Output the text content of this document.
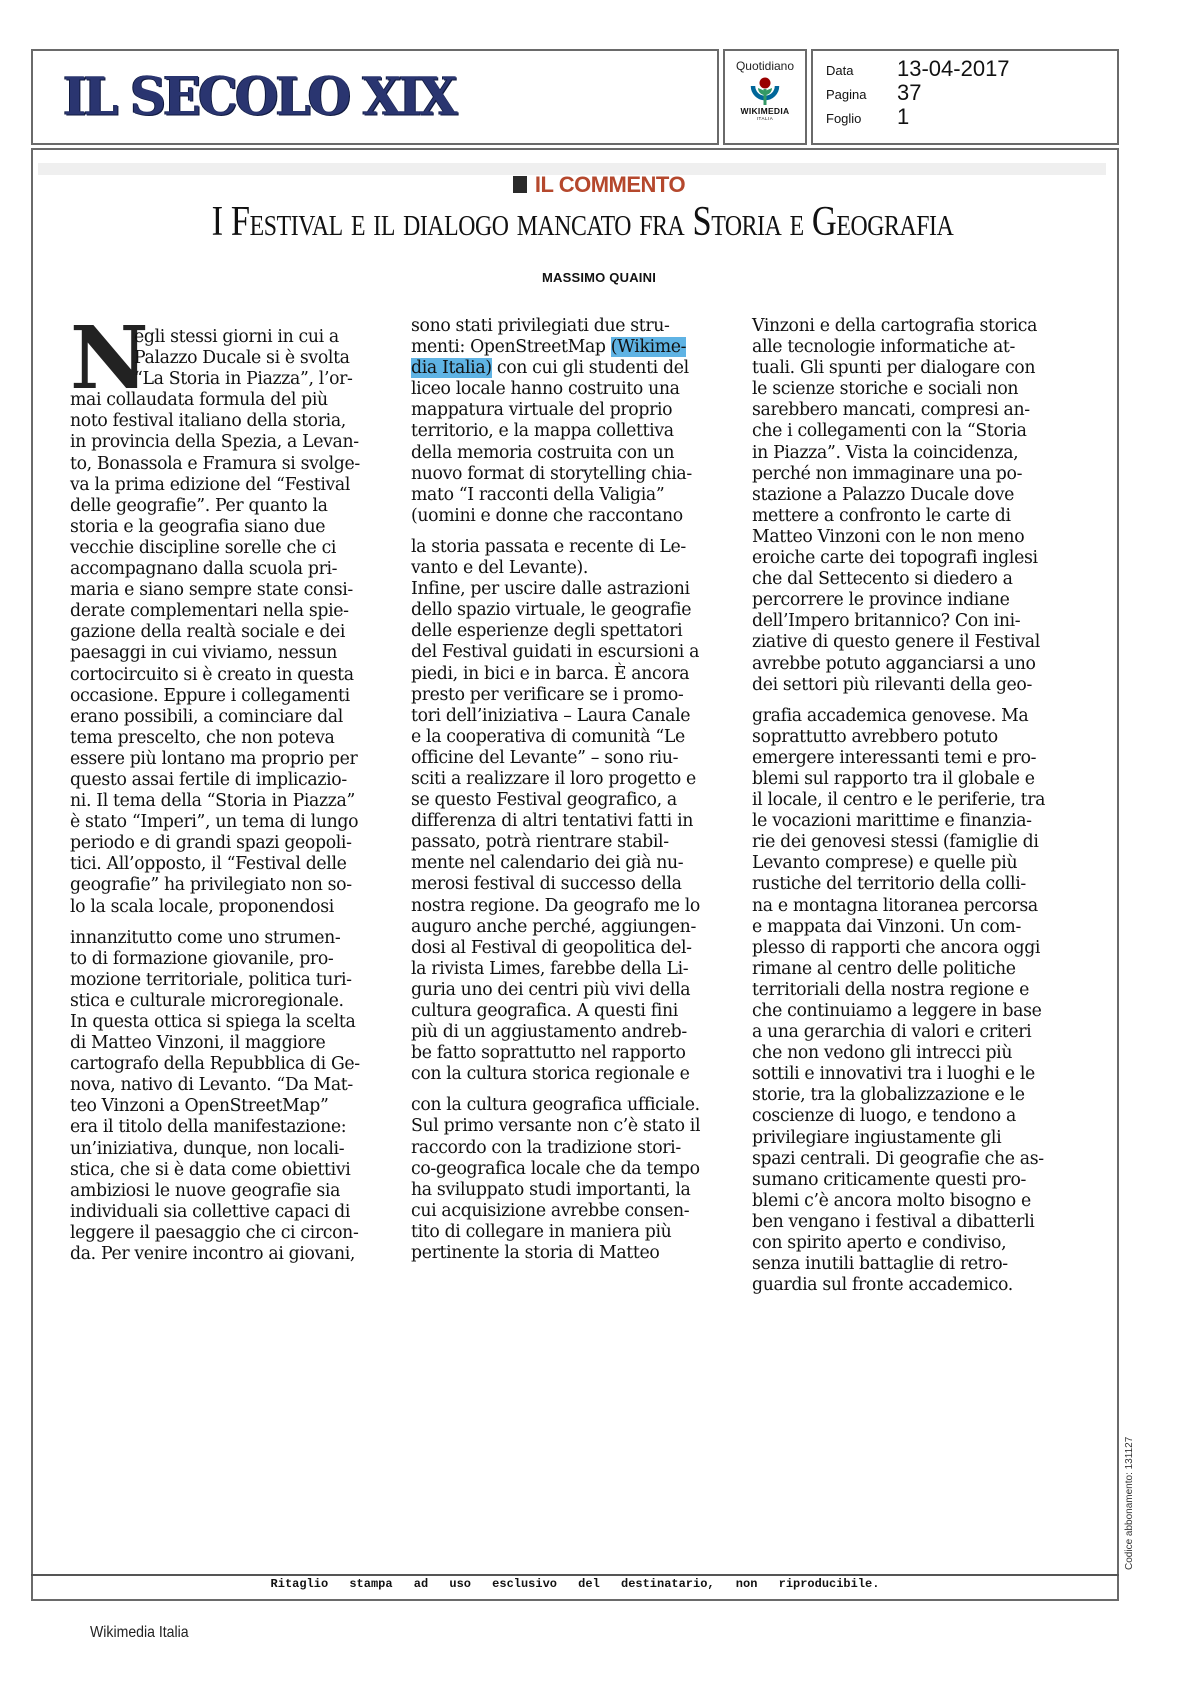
IL SECOLO XIX	Quotidiano
WIKIMEDIA
ITALIA
Data	13-04-2017
Pagina	37
Foglio	1
IL COMMENTO
I Festival e il dialogo mancato fra Storia e Geografia
MASSIMO QUAINI
N
egli stessi giorni in cui a
Palazzo Ducale si è svolta
“La Storia in Piazza”, l’or-
mai collaudata formula del più
noto festival italiano della storia,
in provincia della Spezia, a Levan-
to, Bonassola e Framura si svolge-
va la prima edizione del “Festival
delle geografie”. Per quanto la
storia e la geografia siano due
vecchie discipline sorelle che ci
accompagnano dalla scuola pri-
maria e siano sempre state consi-
derate complementari nella spie-
gazione della realtà sociale e dei
paesaggi in cui viviamo, nessun
cortocircuito si è creato in questa
occasione. Eppure i collegamenti
erano possibili, a cominciare dal
tema prescelto, che non poteva
essere più lontano ma proprio per
questo assai fertile di implicazio-
ni. Il tema della “Storia in Piazza”
è stato “Imperi”, un tema di lungo
periodo e di grandi spazi geopoli-
tici. All’opposto, il “Festival delle
geografie” ha privilegiato non so-
lo la scala locale, proponendosi
innanzitutto come uno strumen-
to di formazione giovanile, pro-
mozione territoriale, politica turi-
stica e culturale microregionale.
In questa ottica si spiega la scelta
di Matteo Vinzoni, il maggiore
cartografo della Repubblica di Ge-
nova, nativo di Levanto. “Da Mat-
teo Vinzoni a OpenStreetMap”
era il titolo della manifestazione:
un’iniziativa, dunque, non locali-
stica, che si è data come obiettivi
ambiziosi le nuove geografie sia
individuali sia collettive capaci di
leggere il paesaggio che ci circon-
da. Per venire incontro ai giovani,
sono stati privilegiati due stru-
menti: OpenStreetMap (Wikime-
dia Italia) con cui gli studenti del
liceo locale hanno costruito una
mappatura virtuale del proprio
territorio, e la mappa collettiva
della memoria costruita con un
nuovo format di storytelling chia-
mato “I racconti della Valigia”
(uomini e donne che raccontano
la storia passata e recente di Le-
vanto e del Levante).
Infine, per uscire dalle astrazioni
dello spazio virtuale, le geografie
delle esperienze degli spettatori
del Festival guidati in escursioni a
piedi, in bici e in barca. È ancora
presto per verificare se i promo-
tori dell’iniziativa – Laura Canale
e la cooperativa di comunità “Le
officine del Levante” – sono riu-
sciti a realizzare il loro progetto e
se questo Festival geografico, a
differenza di altri tentativi fatti in
passato, potrà rientrare stabil-
mente nel calendario dei già nu-
merosi festival di successo della
nostra regione. Da geografo me lo
auguro anche perché, aggiungen-
dosi al Festival di geopolitica del-
la rivista Limes, farebbe della Li-
guria uno dei centri più vivi della
cultura geografica. A questi fini
più di un aggiustamento andreb-
be fatto soprattutto nel rapporto
con la cultura storica regionale e
con la cultura geografica ufficiale.
Sul primo versante non c’è stato il
raccordo con la tradizione stori-
co-geografica locale che da tempo
ha sviluppato studi importanti, la
cui acquisizione avrebbe consen-
tito di collegare in maniera più
pertinente la storia di Matteo
Vinzoni e della cartografia storica
alle tecnologie informatiche at-
tuali. Gli spunti per dialogare con
le scienze storiche e sociali non
sarebbero mancati, compresi an-
che i collegamenti con la “Storia
in Piazza”. Vista la coincidenza,
perché non immaginare una po-
stazione a Palazzo Ducale dove
mettere a confronto le carte di
Matteo Vinzoni con le non meno
eroiche carte dei topografi inglesi
che dal Settecento si diedero a
percorrere le province indiane
dell’Impero britannico? Con ini-
ziative di questo genere il Festival
avrebbe potuto agganciarsi a uno
dei settori più rilevanti della geo-
grafia accademica genovese. Ma
soprattutto avrebbero potuto
emergere interessanti temi e pro-
blemi sul rapporto tra il globale e
il locale, il centro e le periferie, tra
le vocazioni marittime e finanzia-
rie dei genovesi stessi (famiglie di
Levanto comprese) e quelle più
rustiche del territorio della colli-
na e montagna litoranea percorsa
e mappata dai Vinzoni. Un com-
plesso di rapporti che ancora oggi
rimane al centro delle politiche
territoriali della nostra regione e
che continuiamo a leggere in base
a una gerarchia di valori e criteri
che non vedono gli intrecci più
sottili e innovativi tra i luoghi e le
storie, tra la globalizzazione e le
coscienze di luogo, e tendono a
privilegiare ingiustamente gli
spazi centrali. Di geografie che as-
sumano criticamente questi pro-
blemi c’è ancora molto bisogno e
ben vengano i festival a dibatterli
con spirito aperto e condiviso,
senza inutili battaglie di retro-
guardia sul fronte accademico.
Ritaglio stampa ad uso esclusivo del destinatario, non riproducibile.
Codice abbonamento: 131127
Wikimedia Italia
